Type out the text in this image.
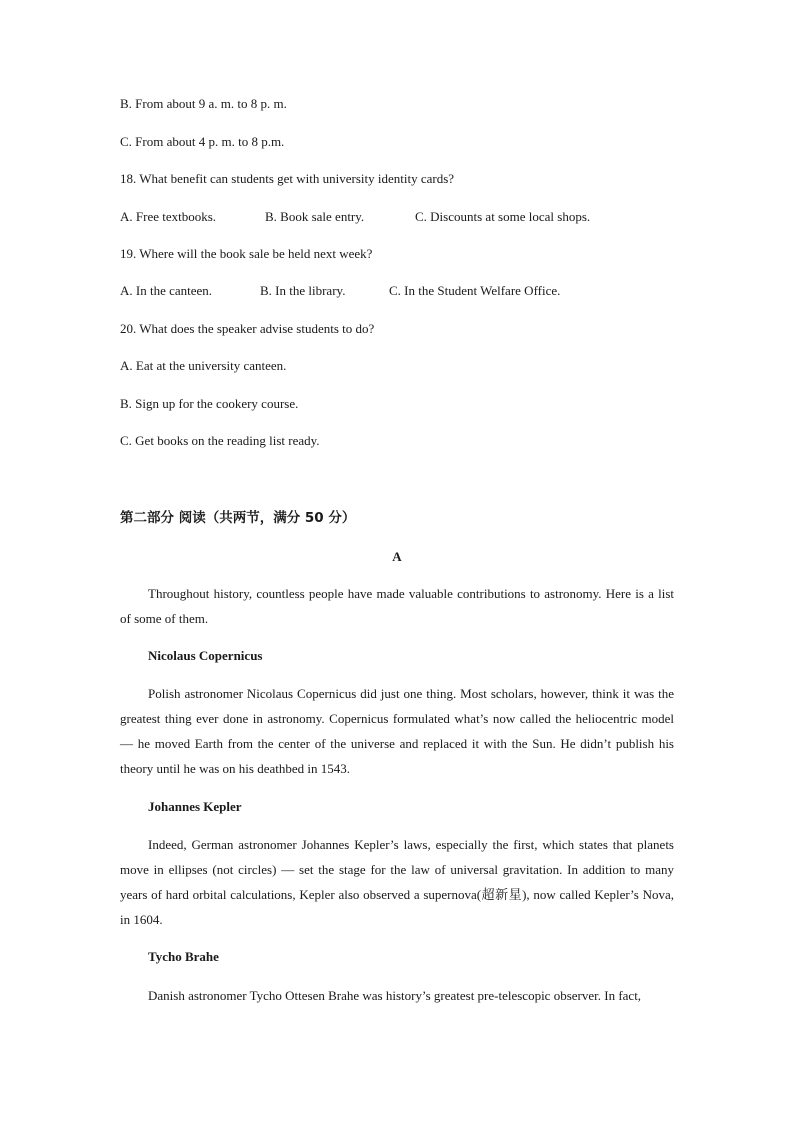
B. From about 9 a. m. to 8 p. m.
C. From about 4 p. m. to 8 p.m.
18. What benefit can students get with university identity cards?
A. Free textbooks.	B. Book sale entry.	C. Discounts at some local shops.
19. Where will the book sale be held next week?
A. In the canteen.	B. In the library.	C. In the Student Welfare Office.
20. What does the speaker advise students to do?
A. Eat at the university canteen.
B. Sign up for the cookery course.
C. Get books on the reading list ready.
第二部分 阅读（共两节，满分 50 分）
A

Throughout history, countless people have made valuable contributions to astronomy. Here is a list of some of them.

Nicolaus Copernicus

Polish astronomer Nicolaus Copernicus did just one thing. Most scholars, however, think it was the greatest thing ever done in astronomy. Copernicus formulated what’s now called the heliocentric model — he moved Earth from the center of the universe and replaced it with the Sun. He didn’t publish his theory until he was on his deathbed in 1543.

Johannes Kepler

Indeed, German astronomer Johannes Kepler’s laws, especially the first, which states that planets move in ellipses (not circles) — set the stage for the law of universal gravitation. In addition to many years of hard orbital calculations, Kepler also observed a supernova(超新星), now called Kepler’s Nova, in 1604.

Tycho Brahe

Danish astronomer Tycho Ottesen Brahe was history’s greatest pre-telescopic observer. In fact,
